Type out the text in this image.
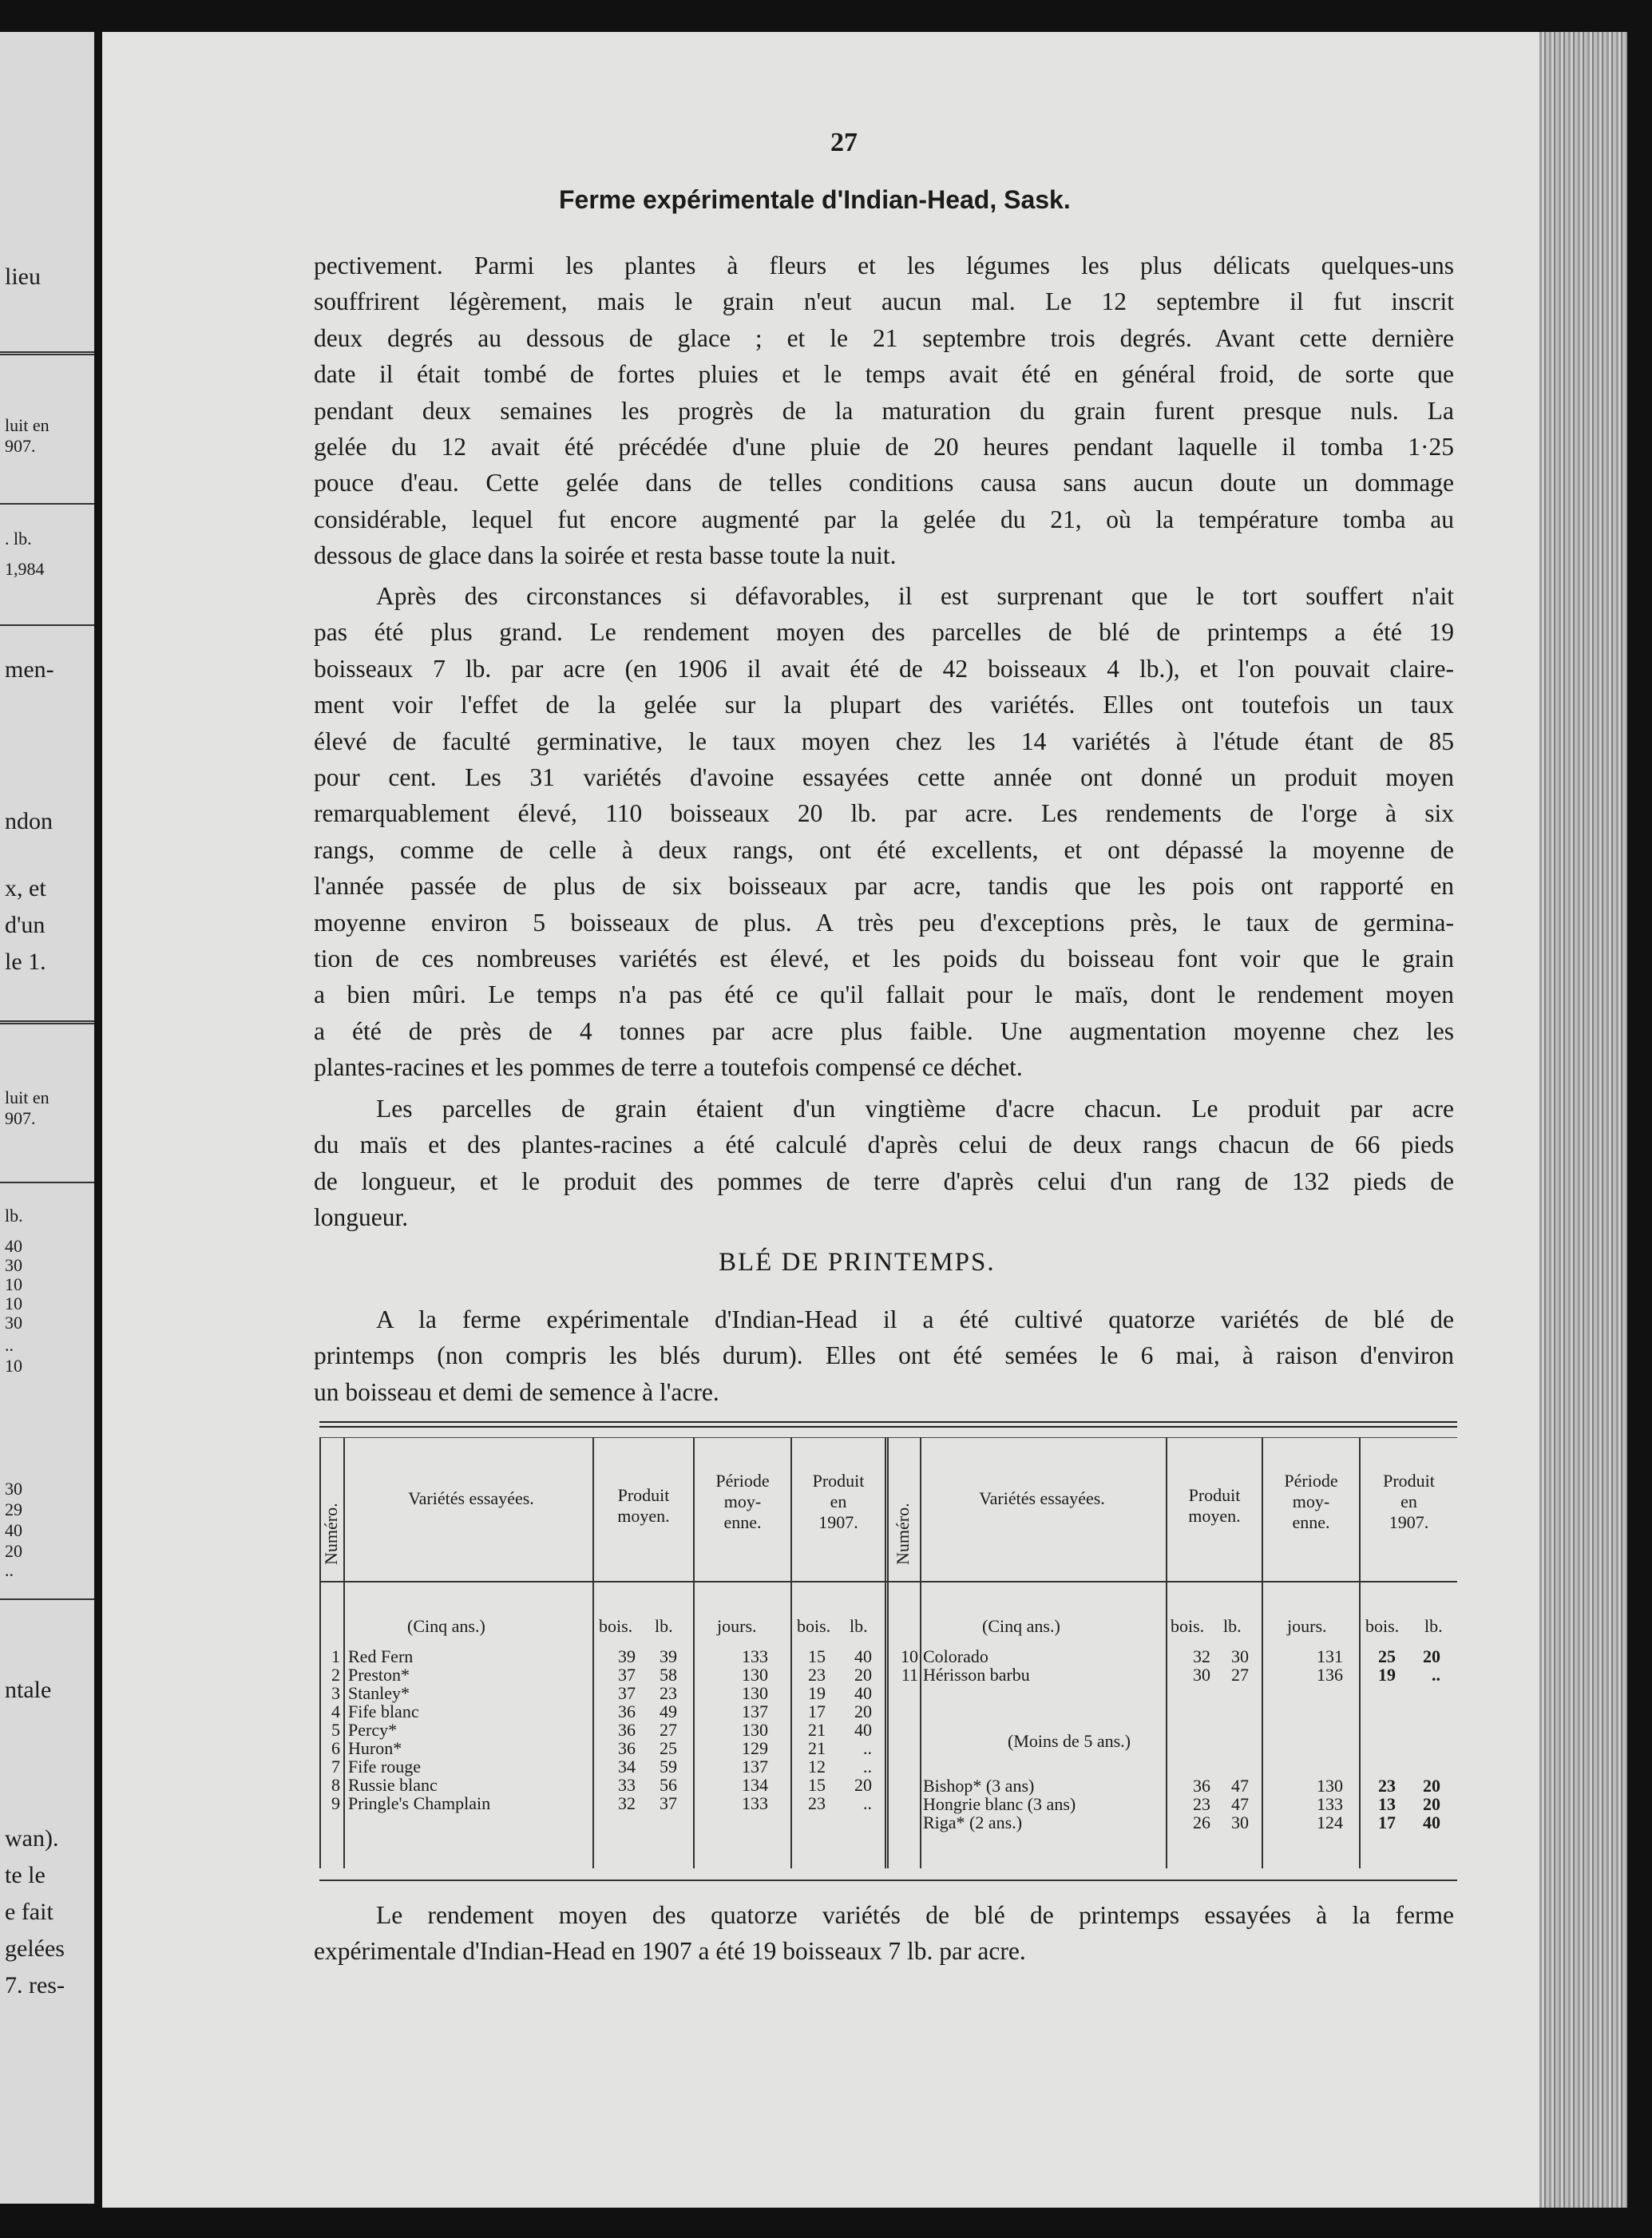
lieu
luit en
907.
. lb.
1,984
men-
ndon
x, et
d'un
le 1.
luit en
907.
lb.
40
30
10
10
30
..
10
30
29
40
20
..
ntale
wan).
te le
e fait
gelées
7. res-
27
Ferme expérimentale d'Indian-Head, Sask.
pectivement. Parmi les plantes à fleurs et les légumes les plus délicats quelques-uns
souffrirent légèrement, mais le grain n'eut aucun mal. Le 12 septembre il fut inscrit
deux degrés au dessous de glace ; et le 21 septembre trois degrés. Avant cette dernière
date il était tombé de fortes pluies et le temps avait été en général froid, de sorte que
pendant deux semaines les progrès de la maturation du grain furent presque nuls. La
gelée du 12 avait été précédée d'une pluie de 20 heures pendant laquelle il tomba 1·25
pouce d'eau. Cette gelée dans de telles conditions causa sans aucun doute un dommage
considérable, lequel fut encore augmenté par la gelée du 21, où la température tomba au
dessous de glace dans la soirée et resta basse toute la nuit.
Après des circonstances si défavorables, il est surprenant que le tort souffert n'ait
pas été plus grand. Le rendement moyen des parcelles de blé de printemps a été 19
boisseaux 7 lb. par acre (en 1906 il avait été de 42 boisseaux 4 lb.), et l'on pouvait claire-
ment voir l'effet de la gelée sur la plupart des variétés. Elles ont toutefois un taux
élevé de faculté germinative, le taux moyen chez les 14 variétés à l'étude étant de 85
pour cent. Les 31 variétés d'avoine essayées cette année ont donné un produit moyen
remarquablement élevé, 110 boisseaux 20 lb. par acre. Les rendements de l'orge à six
rangs, comme de celle à deux rangs, ont été excellents, et ont dépassé la moyenne de
l'année passée de plus de six boisseaux par acre, tandis que les pois ont rapporté en
moyenne environ 5 boisseaux de plus. A très peu d'exceptions près, le taux de germina-
tion de ces nombreuses variétés est élevé, et les poids du boisseau font voir que le grain
a bien mûri. Le temps n'a pas été ce qu'il fallait pour le maïs, dont le rendement moyen
a été de près de 4 tonnes par acre plus faible. Une augmentation moyenne chez les
plantes-racines et les pommes de terre a toutefois compensé ce déchet.
Les parcelles de grain étaient d'un vingtième d'acre chacun. Le produit par acre
du maïs et des plantes-racines a été calculé d'après celui de deux rangs chacun de 66 pieds
de longueur, et le produit des pommes de terre d'après celui d'un rang de 132 pieds de
longueur.
BLÉ DE PRINTEMPS.
A la ferme expérimentale d'Indian-Head il a été cultivé quatorze variétés de blé de
printemps (non compris les blés durum). Elles ont été semées le 6 mai, à raison d'environ
un boisseau et demi de semence à l'acre.
Numéro.
Variétés essayées.	Produit
moyen.
Période
moy-
enne.
Produit
en
1907.	Numéro.
Variétés essayées.	Produit
moyen.
Période
moy-
enne.
Produit
en
1907.
(Cinq ans.)	bois. lb.	jours. bois. lb.	(Cinq ans.)	bois. lb.	jours. bois. lb.
(Moins de 5 ans.)
1 Red Fern	39	39	133	15	40
2 Preston*	37	58	130	23	20
3 Stanley*	37	23	130	19	40
4 Fife blanc	36	49	137	17	20
5 Percy*	36	27	130	21	40
6 Huron*	36	25	129	21	..
7 Fife rouge	34	59	137	12	..
8 Russie blanc	33	56	134	15	20
9 Pringle's Champlain	32	37	133	23	..
10 Colorado	32	30	131	25	20
11 Hérisson barbu	30	27	136	19	..
Bishop* (3 ans)	36	47	130	23	20
Hongrie blanc (3 ans)	23	47	133	13	20
Riga* (2 ans.)	26	30	124	17	40
Le rendement moyen des quatorze variétés de blé de printemps essayées à la ferme
expérimentale d'Indian-Head en 1907 a été 19 boisseaux 7 lb. par acre.
